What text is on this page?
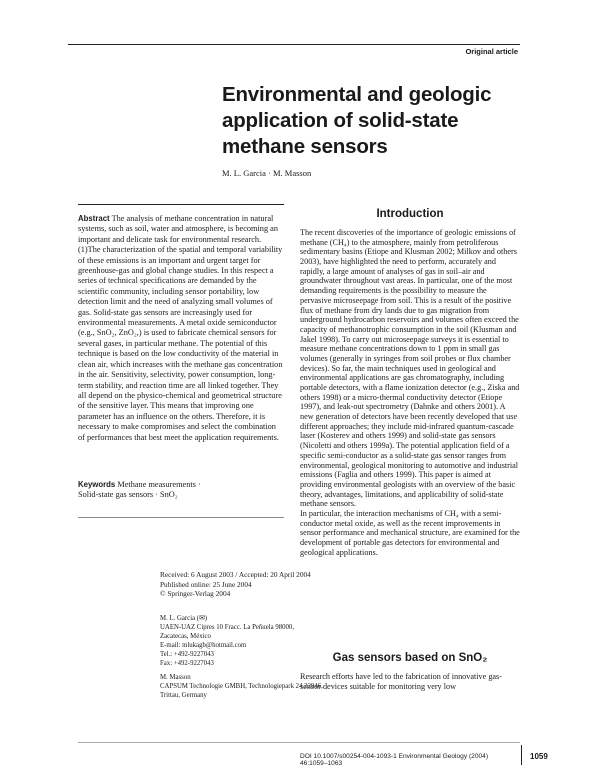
Original article
Environmental and geologic application of solid-state methane sensors
M. L. Garcia · M. Masson

Abstract The analysis of methane concentration in natural systems, such as soil, water and atmosphere, is becoming an important and delicate task for environmental research. (1)The characterization of the spatial and temporal variability of these emissions is an important and urgent target for greenhouse-gas and global change studies. In this respect a series of technical specifications are demanded by the scientific community, including sensor portability, low detection limit and the need of analyzing small volumes of gas. Solid-state gas sensors are increasingly used for environmental measurements. A metal oxide semiconductor (e.g., SnO₂, ZnO₂,) is used to fabricate chemical sensors for several gases, in particular methane. The potential of this technique is based on the low conductivity of the material in clean air, which increases with the methane gas concentration in the air. Sensitivity, selectivity, power consumption, long-term stability, and reaction time are all linked together. They all depend on the physico-chemical and geometrical structure of the sensitive layer. This means that improving one parameter has an influence on the others. Therefore, it is necessary to make compromises and select the combination of performances that best meet the application requirements.

Keywords Methane measurements ·
Solid-state gas sensors · SnO₂
Received: 6 August 2003 / Accepted: 20 April 2004
Published online: 25 June 2004
© Springer-Verlag 2004
M. L. Garcia (✉)
UAEN-UAZ Cipres 10 Fracc. La Peñuela 98000,
Zacatecas, México
E-mail: mlukagb@hotmail.com
Tel.: +492-9227043
Fax: +492-9227043
M. Masson
CAPSUM Technologie GMBH, Technologiepark 24 22946,
Trittau, Germany
Introduction

The recent discoveries of the importance of geologic emissions of methane (CH₄) to the atmosphere, mainly from petroliferous sedimentary basins (Etiope and Klusman 2002; Milkov and others 2003), have highlighted the need to perform, accurately and rapidly, a large amount of analyses of gas in soil–air and groundwater throughout vast areas. In particular, one of the most demanding requirements is the possibility to measure the pervasive microseepage from soil. This is a result of the positive flux of methane from dry lands due to gas migration from underground hydrocarbon reservoirs and volumes often exceed the capacity of methanotrophic consumption in the soil (Klusman and Jakel 1998). To carry out microseepage surveys it is essential to measure methane concentrations down to 1 ppm in small gas volumes (generally in syringes from soil probes or flux chamber devices). So far, the main techniques used in geological and environmental applications are gas chromatography, including portable detectors, with a flame ionization detector (e.g., Ziska and others 1998) or a micro-thermal conductivity detector (Etiope 1997), and leak-out spectrometry (Dahnke and others 2001). A new generation of detectors have been recently developed that use different approaches; they include mid-infrared quantum-cascade laser (Kosterev and others 1999) and solid-state gas sensors (Nicoletti and others 1999a). The potential application field of a specific semi-conductor as a solid-state gas sensor ranges from environmental, geological monitoring to automotive and industrial emissions (Faglia and others 1999). This paper is aimed at providing environmental geologists with an overview of the basic theory, advantages, limitations, and applicability of solid-state methane sensors.

In particular, the interaction mechanisms of CH₄ with a semi-conductor metal oxide, as well as the recent improvements in sensor performance and mechanical structure, are examined for the development of portable gas detectors for environmental and geological applications.

Gas sensors based on SnO₂

Research efforts have led to the fabrication of innovative gas-sensor devices suitable for monitoring very low

DOI 10.1007/s00254-004-1093-1 Environmental Geology (2004) 46:1059–1063
1059
